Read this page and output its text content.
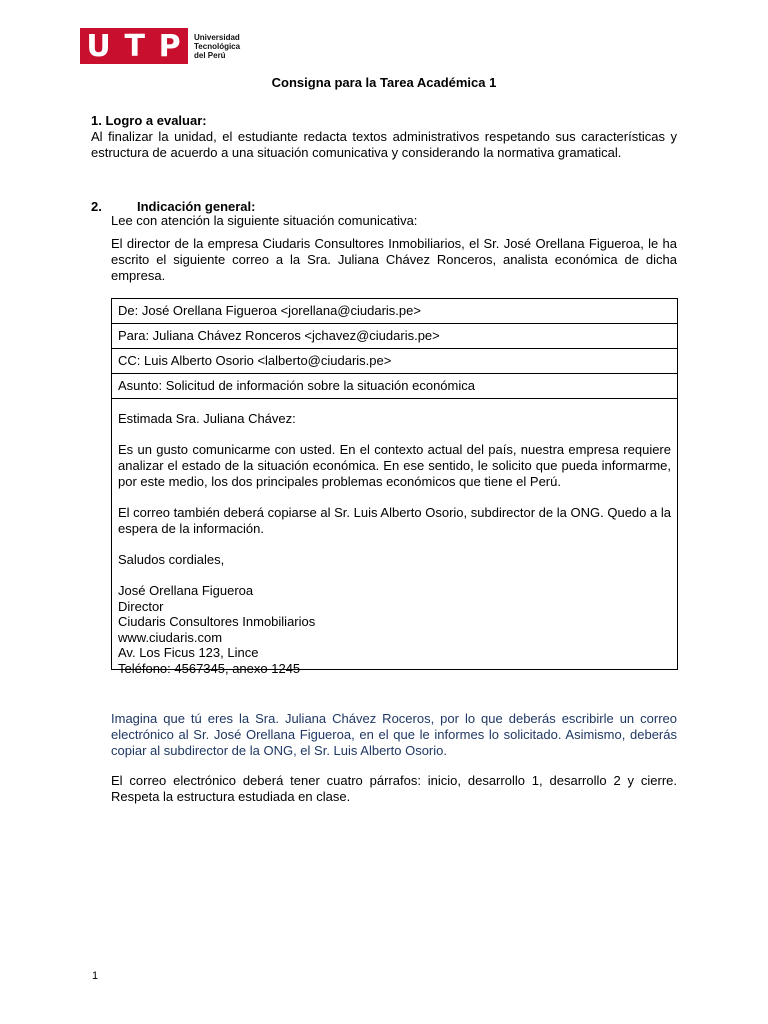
U T P Universidad
Tecnológica
del Perú
Consigna para la Tarea Académica 1
1. Logro a evaluar:
Al finalizar la unidad, el estudiante redacta textos administrativos respetando sus características y estructura de acuerdo a una situación comunicativa y considerando la normativa gramatical.
2.	Indicación general:
Lee con atención la siguiente situación comunicativa:
El director de la empresa Ciudaris Consultores Inmobiliarios, el Sr. José Orellana Figueroa, le ha escrito el siguiente correo a la Sra. Juliana Chávez Ronceros, analista económica de dicha empresa.
De: José Orellana Figueroa <jorellana@ciudaris.pe>
Para: Juliana Chávez Ronceros <jchavez@ciudaris.pe>
CC: Luis Alberto Osorio <lalberto@ciudaris.pe>
Asunto: Solicitud de información sobre la situación económica

Estimada Sra. Juliana Chávez:

Es un gusto comunicarme con usted. En el contexto actual del país, nuestra empresa requiere analizar el estado de la situación económica. En ese sentido, le solicito que pueda informarme, por este medio, los dos principales problemas económicos que tiene el Perú.

El correo también deberá copiarse al Sr. Luis Alberto Osorio, subdirector de la ONG. Quedo a la espera de la información.

Saludos cordiales,

José Orellana Figueroa
Director
Ciudaris Consultores Inmobiliarios
www.ciudaris.com
Av. Los Ficus 123, Lince
Teléfono: 4567345, anexo 1245
Imagina que tú eres la Sra. Juliana Chávez Roceros, por lo que deberás escribirle un correo electrónico al Sr. José Orellana Figueroa, en el que le informes lo solicitado. Asimismo, deberás copiar al subdirector de la ONG, el Sr. Luis Alberto Osorio.
El correo electrónico deberá tener cuatro párrafos: inicio, desarrollo 1, desarrollo 2 y cierre. Respeta la estructura estudiada en clase.
1
